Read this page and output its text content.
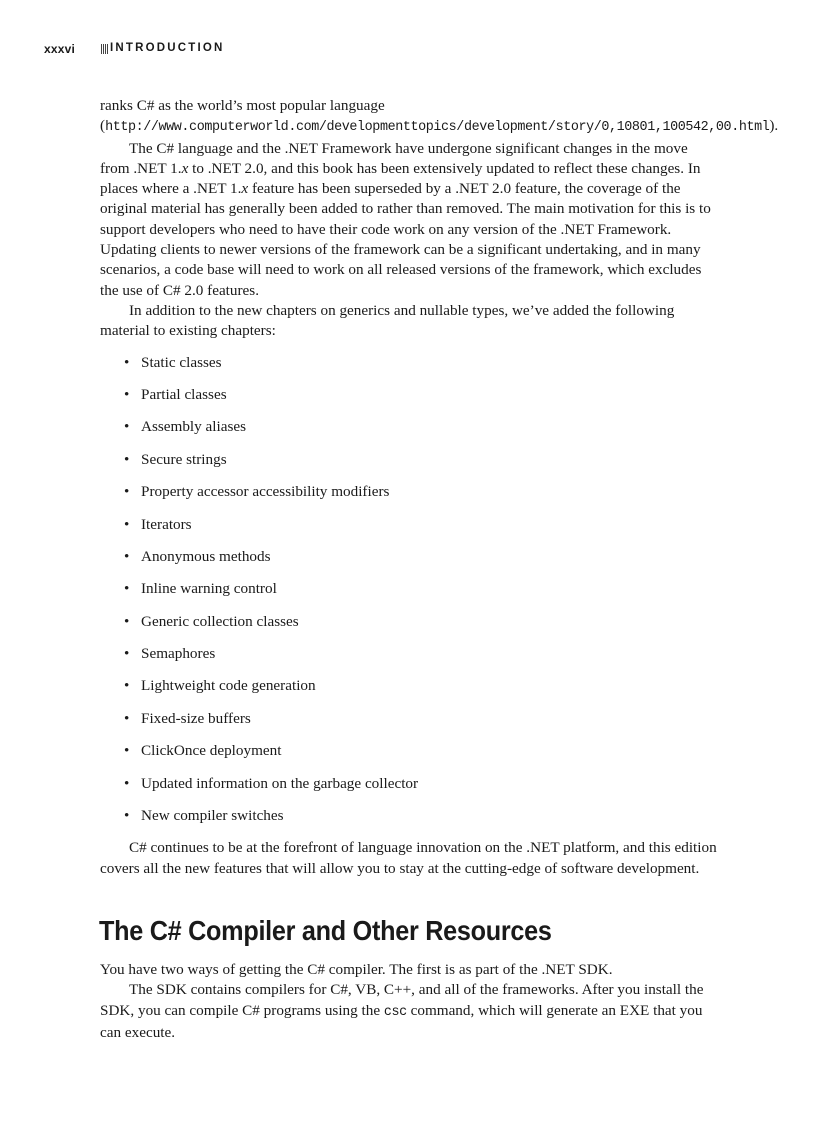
xxxvi	INTRODUCTION

ranks C# as the world’s most popular language (http://www.computerworld.com/developmenttopics/development/story/0,10801,100542,00.html).

The C# language and the .NET Framework have undergone significant changes in the move from .NET 1.x to .NET 2.0, and this book has been extensively updated to reflect these changes. In places where a .NET 1.x feature has been superseded by a .NET 2.0 feature, the coverage of the original material has generally been added to rather than removed. The main motivation for this is to support developers who need to have their code work on any version of the .NET Framework. Updating clients to newer versions of the framework can be a significant undertaking, and in many scenarios, a code base will need to work on all released versions of the framework, which excludes the use of C# 2.0 features.

In addition to the new chapters on generics and nullable types, we’ve added the following material to existing chapters:

• Static classes
• Partial classes
• Assembly aliases
• Secure strings
• Property accessor accessibility modifiers
• Iterators
• Anonymous methods
• Inline warning control
• Generic collection classes
• Semaphores
• Lightweight code generation
• Fixed-size buffers
• ClickOnce deployment
• Updated information on the garbage collector
• New compiler switches

C# continues to be at the forefront of language innovation on the .NET platform, and this edition covers all the new features that will allow you to stay at the cutting-edge of software development.

The C# Compiler and Other Resources

You have two ways of getting the C# compiler. The first is as part of the .NET SDK.

The SDK contains compilers for C#, VB, C++, and all of the frameworks. After you install the SDK, you can compile C# programs using the csc command, which will generate an EXE that you can execute.
